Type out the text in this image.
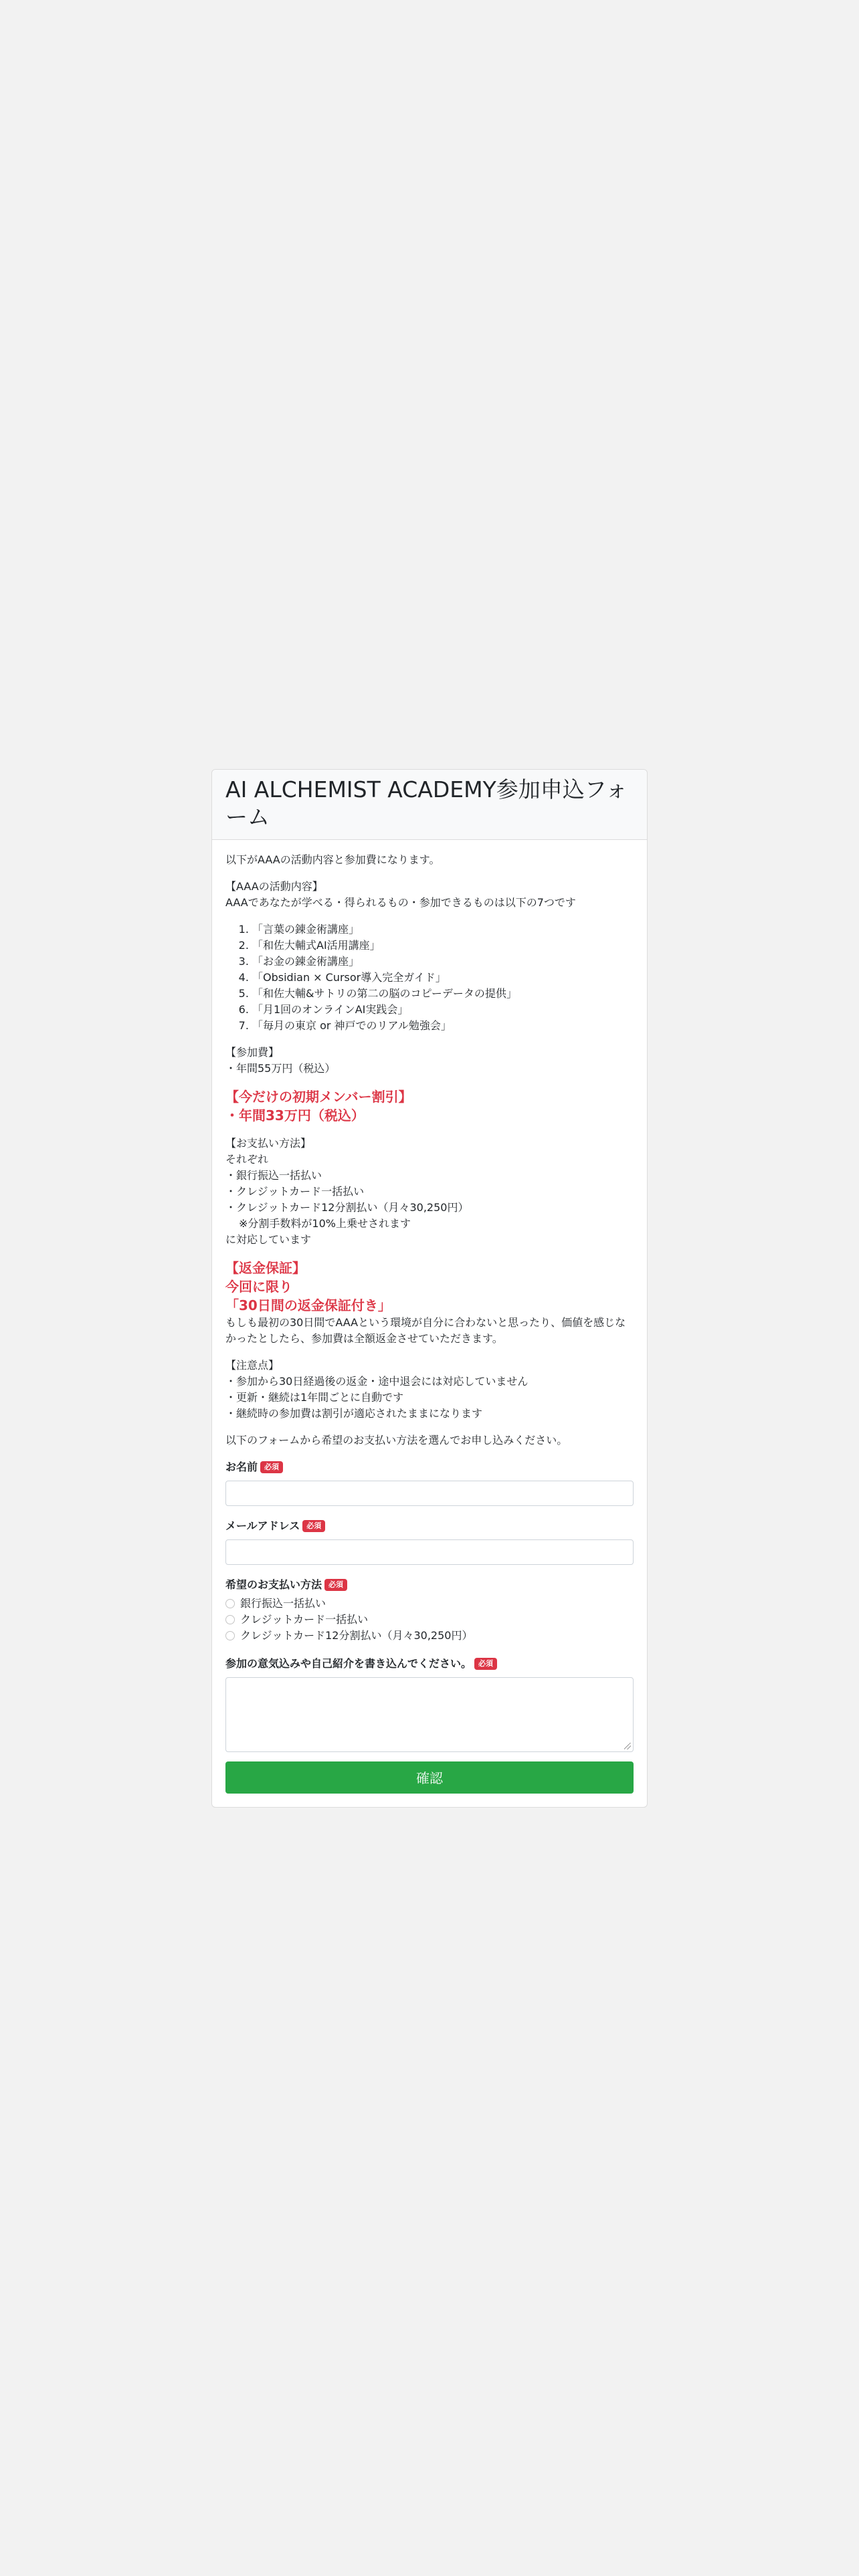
AI ALCHEMIST ACADEMY参加申込フォーム

以下がAAAの活動内容と参加費になります。

【AAAの活動内容】
AAAであなたが学べる・得られるもの・参加できるものは以下の7つです

1. 「言葉の錬金術講座」
2. 「和佐大輔式AI活用講座」
3. 「お金の錬金術講座」
4. 「Obsidian × Cursor導入完全ガイド」
5. 「和佐大輔&サトリの第二の脳のコピーデータの提供」
6. 「月1回のオンラインAI実践会」
7. 「毎月の東京 or 神戸でのリアル勉強会」

【参加費】
・年間55万円（税込）

【今だけの初期メンバー割引】
・年間33万円（税込）

【お支払い方法】
それぞれ
・銀行振込一括払い
・クレジットカード一括払い
・クレジットカード12分割払い（月々30,250円）
※分割手数料が10%上乗せされます
に対応しています

【返金保証】
今回に限り
「30日間の返金保証付き」

もしも最初の30日間でAAAという環境が自分に合わないと思ったり、価値を感じなかったとしたら、参加費は全額返金させていただきます。

【注意点】
・参加から30日経過後の返金・途中退会には対応していません
・更新・継続は1年間ごとに自動です
・継続時の参加費は割引が適応されたままになります

以下のフォームから希望のお支払い方法を選んでお申し込みください。

お名前 必須
メールアドレス 必須
希望のお支払い方法 必須
銀行振込一括払い
クレジットカード一括払い
クレジットカード12分割払い（月々30,250円）
参加の意気込みや自己紹介を書き込んでください。 必須
確認
